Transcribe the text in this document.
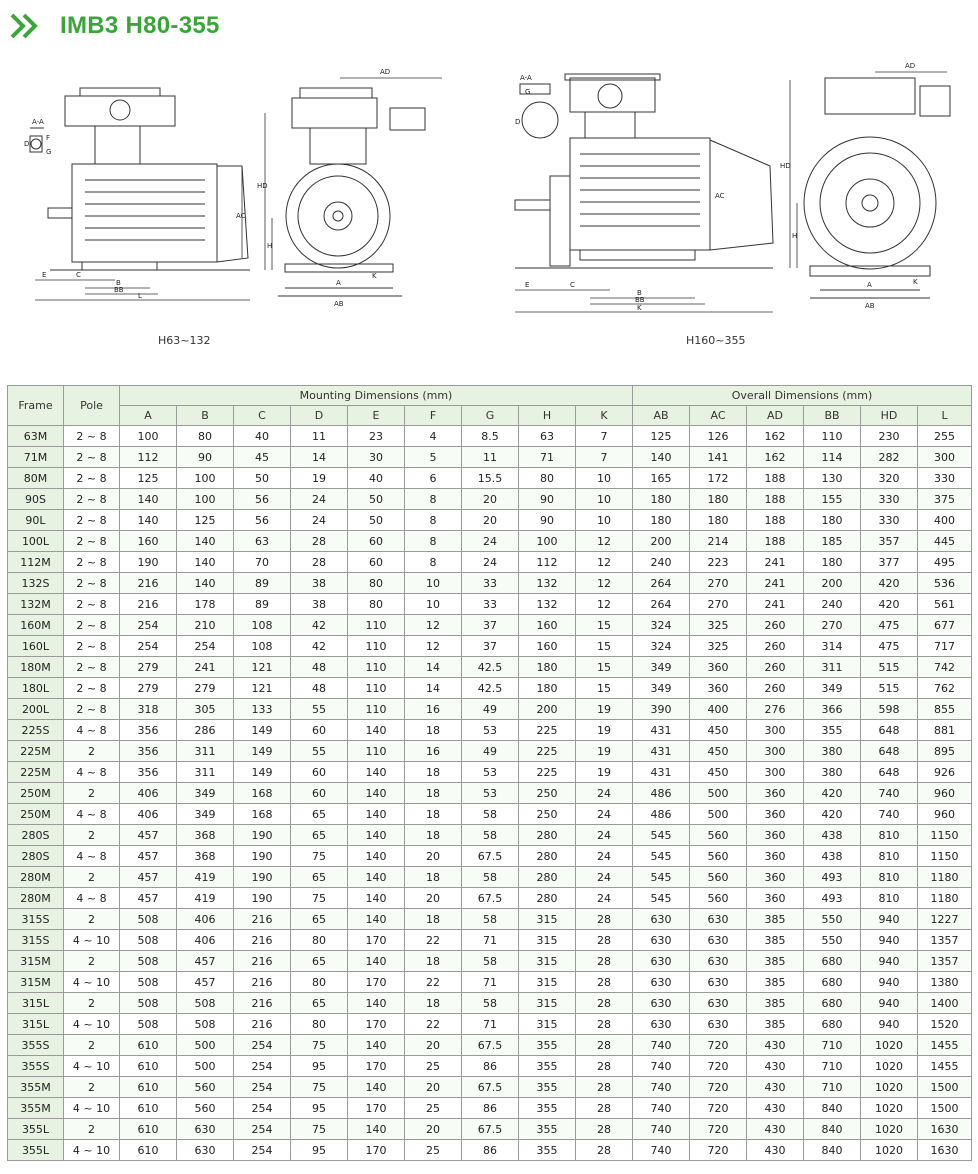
IMB3 H80-355
A-A
F
G
D
E	C
B
BB
L
HD
H
AC
AD
A
AB
K
A-A
G
D
E	C
B
BB
K
HD
H
AC
AD
A
AB
K
H63~132	H160~355
Frame	Pole	Mounting Dimensions (mm)									Overall Dimensions (mm)					
		A	B	C	D	E	F	G	H	K	AB	AC	AD	BB	HD	L
63M	2 ~ 8	100	80	40	11	23	4	8.5	63	7	125	126	162	110	230	255
71M	2 ~ 8	112	90	45	14	30	5	11	71	7	140	141	162	114	282	300
80M	2 ~ 8	125	100	50	19	40	6	15.5	80	10	165	172	188	130	320	330
90S	2 ~ 8	140	100	56	24	50	8	20	90	10	180	180	188	155	330	375
90L	2 ~ 8	140	125	56	24	50	8	20	90	10	180	180	188	180	330	400
100L	2 ~ 8	160	140	63	28	60	8	24	100	12	200	214	188	185	357	445
112M	2 ~ 8	190	140	70	28	60	8	24	112	12	240	223	241	180	377	495
132S	2 ~ 8	216	140	89	38	80	10	33	132	12	264	270	241	200	420	536
132M	2 ~ 8	216	178	89	38	80	10	33	132	12	264	270	241	240	420	561
160M	2 ~ 8	254	210	108	42	110	12	37	160	15	324	325	260	270	475	677
160L	2 ~ 8	254	254	108	42	110	12	37	160	15	324	325	260	314	475	717
180M	2 ~ 8	279	241	121	48	110	14	42.5	180	15	349	360	260	311	515	742
180L	2 ~ 8	279	279	121	48	110	14	42.5	180	15	349	360	260	349	515	762
200L	2 ~ 8	318	305	133	55	110	16	49	200	19	390	400	276	366	598	855
225S	4 ~ 8	356	286	149	60	140	18	53	225	19	431	450	300	355	648	881
225M	2	356	311	149	55	110	16	49	225	19	431	450	300	380	648	895
225M	4 ~ 8	356	311	149	60	140	18	53	225	19	431	450	300	380	648	926
250M	2	406	349	168	60	140	18	53	250	24	486	500	360	420	740	960
250M	4 ~ 8	406	349	168	65	140	18	58	250	24	486	500	360	420	740	960
280S	2	457	368	190	65	140	18	58	280	24	545	560	360	438	810	1150
280S	4 ~ 8	457	368	190	75	140	20	67.5	280	24	545	560	360	438	810	1150
280M	2	457	419	190	65	140	18	58	280	24	545	560	360	493	810	1180
280M	4 ~ 8	457	419	190	75	140	20	67.5	280	24	545	560	360	493	810	1180
315S	2	508	406	216	65	140	18	58	315	28	630	630	385	550	940	1227
315S	4 ~ 10	508	406	216	80	170	22	71	315	28	630	630	385	550	940	1357
315M	2	508	457	216	65	140	18	58	315	28	630	630	385	680	940	1357
315M	4 ~ 10	508	457	216	80	170	22	71	315	28	630	630	385	680	940	1380
315L	2	508	508	216	65	140	18	58	315	28	630	630	385	680	940	1400
315L	4 ~ 10	508	508	216	80	170	22	71	315	28	630	630	385	680	940	1520
355S	2	610	500	254	75	140	20	67.5	355	28	740	720	430	710	1020	1455
355S	4 ~ 10	610	500	254	95	170	25	86	355	28	740	720	430	710	1020	1455
355M	2	610	560	254	75	140	20	67.5	355	28	740	720	430	710	1020	1500
355M	4 ~ 10	610	560	254	95	170	25	86	355	28	740	720	430	840	1020	1500
355L	2	610	630	254	75	140	20	67.5	355	28	740	720	430	840	1020	1630
355L	4 ~ 10	610	630	254	95	170	25	86	355	28	740	720	430	840	1020	1630
